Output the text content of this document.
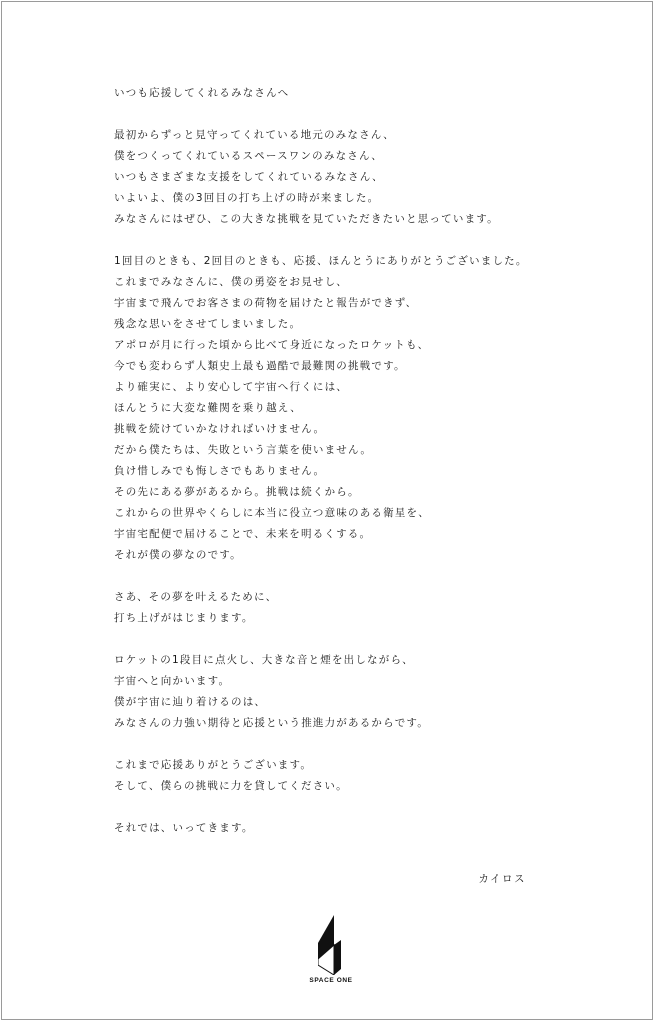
いつも応援してくれるみなさんへ
最初からずっと見守ってくれている地元のみなさん、
僕をつくってくれているスペースワンのみなさん、
いつもさまざまな支援をしてくれているみなさん、
いよいよ、僕の3回目の打ち上げの時が来ました。
みなさんにはぜひ、この大きな挑戦を見ていただきたいと思っています。
1回目のときも、2回目のときも、応援、ほんとうにありがとうございました。
これまでみなさんに、僕の勇姿をお見せし、
宇宙まで飛んでお客さまの荷物を届けたと報告ができず、
残念な思いをさせてしまいました。
アポロが月に行った頃から比べて身近になったロケットも、
今でも変わらず人類史上最も過酷で最難関の挑戦です。
より確実に、より安心して宇宙へ行くには、
ほんとうに大変な難関を乗り越え、
挑戦を続けていかなければいけません。
だから僕たちは、失敗という言葉を使いません。
負け惜しみでも悔しさでもありません。
その先にある夢があるから。挑戦は続くから。
これからの世界やくらしに本当に役立つ意味のある衛星を、
宇宙宅配便で届けることで、未来を明るくする。
それが僕の夢なのです。
さあ、その夢を叶えるために、
打ち上げがはじまります。
ロケットの1段目に点火し、大きな音と煙を出しながら、
宇宙へと向かいます。
僕が宇宙に辿り着けるのは、
みなさんの力強い期待と応援という推進力があるからです。
これまで応援ありがとうございます。
そして、僕らの挑戦に力を貸してください。
それでは、いってきます。
カイロス
SPACE ONE
